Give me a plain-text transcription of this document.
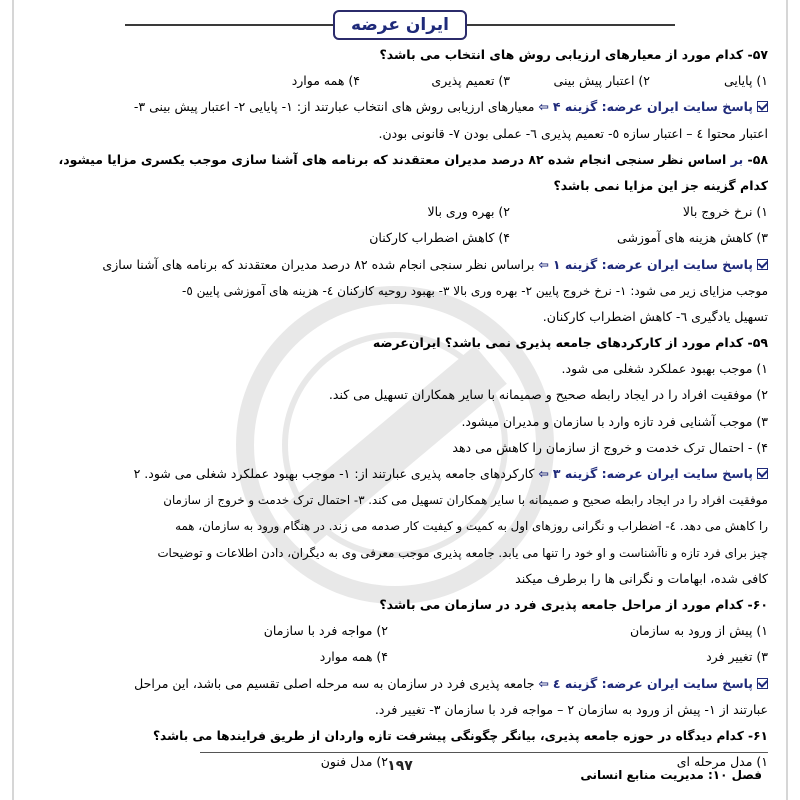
ایران عرضه
۵۷- کدام مورد از معیارهای ارزیابی روش های انتخاب می باشد؟
۱) پایایی
۲) اعتبار پیش بینی
۳) تعمیم پذیری
۴) همه موارد
پاسخ سایت ایران عرضه: گزینه ۴ ⇦ معیارهای ارزیابی روش های انتخاب عبارتند از: ۱- پایایی ۲- اعتبار پیش بینی ۳-
اعتبار محتوا ٤ – اعتبار سازه ٥- تعمیم پذیری ٦- عملی بودن ٧- قانونی بودن.
۵۸- بر اساس نظر سنجی انجام شده ۸۲ درصد مدیران معتقدند که برنامه های آشنا سازی موجب یکسری مزایا میشود،
کدام گزینه جز این مزایا نمی باشد؟
۱) نرخ خروج بالا
۲) بهره وری بالا
۳) کاهش هزینه های آموزشی
۴) کاهش اضطراب کارکنان
پاسخ سایت ایران عرضه: گزینه ۱ ⇦ براساس نظر سنجی انجام شده ۸۲ درصد مدیران معتقدند که برنامه های آشنا سازی
موجب مزایای زیر می شود: ۱- نرخ خروج پایین ۲- بهره وری بالا ۳- بهبود روحیه کارکنان ٤- هزینه های آموزشی پایین ٥-
تسهیل یادگیری ٦- کاهش اضطراب کارکنان.
۵۹- کدام مورد از کارکردهای جامعه پذیری نمی باشد؟ ایران‌عرضه
۱) موجب بهبود عملکرد شغلی می شود.
۲) موفقیت افراد را در ایجاد رابطه صحیح و صمیمانه با سایر همکاران تسهیل می کند.
۳) موجب آشنایی فرد تازه وارد با سازمان و مدیران میشود.
۴) - احتمال ترک خدمت و خروج از سازمان را کاهش می دهد
پاسخ سایت ایران عرضه: گزینه ۳ ⇦ کارکردهای جامعه پذیری عبارتند از: ۱- موجب بهبود عملکرد شغلی می شود. ۲
موفقیت افراد را در ایجاد رابطه صحیح و صمیمانه با سایر همکاران تسهیل می کند. ۳- احتمال ترک خدمت و خروج از سازمان
را کاهش می دهد. ٤- اضطراب و نگرانی روزهای اول به کمیت و کیفیت کار صدمه می زند. در هنگام ورود به سازمان، همه
چیز برای فرد تازه و ناآشناست و او خود را تنها می یابد. جامعه پذیری موجب معرفی وی به دیگران، دادن اطلاعات و توضیحات
کافی شده، ابهامات و نگرانی ها را برطرف میکند
۶۰- کدام مورد از مراحل جامعه پذیری فرد در سازمان می باشد؟
۱) پیش از ورود به سازمان
۲) مواجه فرد با سازمان
۳) تغییر فرد
۴) همه موارد
پاسخ سایت ایران عرضه: گزینه ٤ ⇦ جامعه پذیری فرد در سازمان به سه مرحله اصلی تقسیم می باشد، این مراحل
عبارتند از ۱- پیش از ورود به سازمان ۲ – مواجه فرد با سازمان ۳- تغییر فرد.
۶۱- کدام دیدگاه در حوزه جامعه پذیری، بیانگر چگونگی پیشرفت تازه واردان از طریق فرایندها می باشد؟
۱) مدل مرحله ای
۲) مدل فنون ۱۹۷
فصل ۱۰: مدیریت منابع انسانی
